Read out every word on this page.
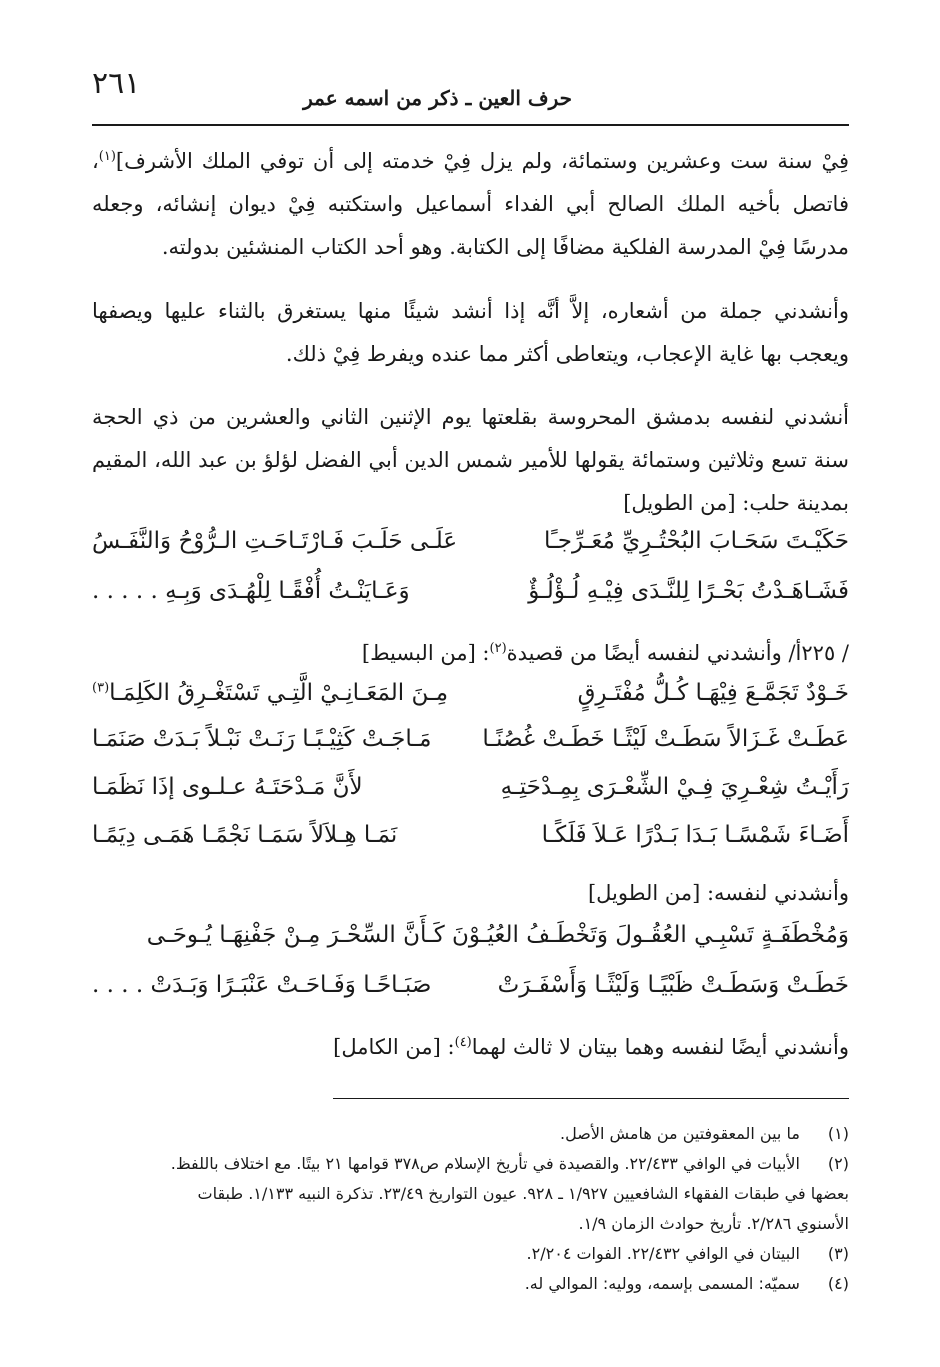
٢٦١	حرف العين ـ ذكر من اسمه عمر
فِيْ سنة ست وعشرين وستمائة، ولم يزل فِيْ خدمته إلى أن توفي الملك الأشرف]$^{(١)}$، فاتصل بأخيه الملك الصالح أبي الفداء أسماعيل واستكتبه فِيْ ديوان إنشائه، وجعله مدرسًا فِيْ المدرسة الفلكية مضافًا إلى الكتابة. وهو أحد الكتاب المنشئين بدولته.
وأنشدني جملة من أشعاره، إلاَّ أنَّه إذا أنشد شيئًا منها يستغرق بالثناء عليها ويصفها ويعجب بها غاية الإعجاب، ويتعاطى أكثر مما عنده ويفرط فِيْ ذلك.
أنشدني لنفسه بدمشق المحروسة بقلعتها يوم الإثنين الثاني والعشرين من ذي الحجة سنة تسع وثلاثين وستمائة يقولها للأمير شمس الدين أبي الفضل لؤلؤ بن عبد الله، المقيم بمدينة حلب: [من الطويل]
حَكَيْـتَ سَحَـابَ البُحْتُـرِيِّ مُعَـرِّجـًا
عَلَـى حَلَـبَ فَـارْتَـاحَـتِ الـرُّوْحُ وَالنَّفَـسُ
فَشَـاهَـدْتُ بَحْـرًا لِلنَّـدَى فِيْـهِ لُـؤْلُـؤٌ
وَعَـايَنْـتُ أُفْقًـا لِلْهُـدَى وَبِـهِ . . . . .
/ ٢٢٥أ/ وأنشدني لنفسه أيضًا من قصيدة$^{(٢)}$: [من البسيط]
خَـوْدٌ تَجَمَّـعَ فِيْهَـا كُـلُّ مُفْتَـرِقٍ
مِـنَ المَعَـانِـيْ الَّتِـي تَسْتَغْـرِقُ الكَلِمَـا$^{(٣)}$
عَطَـتْ غَـزَالاً سَطَـتْ لَيْثًـا خَطَـتْ غُصُنًـا
مَـاجَـتْ كَثِيْـبًـا رَنَـتْ نَبْـلاً بَـدَتْ صَنَمَـا
رَأَيْـتُ شِعْـرِيَ فِـيْ الشِّعْـرَى بِمِـدْحَتِـهِ
لأَنَّ مَـدْحَتَـهُ عـلـوى إذَا نَظَمَـا
أَضَـاءَ شَمْسًـا بَـدَا بَـدْرًا عَـلاَ فَلَكًـا
نَمَـا هِـلاَلاً سَمَـا نَجْمًـا هَمَـى دِيَمًـا
وأنشدني لنفسه: [من الطويل]
وَمُخْطَفَـةٍ تَسْبِـي العُقُـولَ وَتَخْطَـفُ العُيُـوْنَ كَـأَنَّ السِّحْـرَ مِـنْ جَفْنِهَـا يُـوحَـى
خَطَـتْ وَسَطَـتْ ظَبْيًـا وَلَيْثًـا وَأَسْفَـرَتْ
صَبَـاحًـا وَفَـاحَـتْ عَنْبَـرًا وَبَـدَتْ . . . .
وأنشدني أيضًا لنفسه وهما بيتان لا ثالث لهما$^{(٤)}$: [من الكامل]
(١) ما بين المعقوفتين من هامش الأصل.
(٢) الأبيات في الوافي ٢٢/٤٣٣. والقصيدة في تأريخ الإسلام ص٣٧٨ قوامها ٢١ بيتًا. مع اختلاف باللفظ.
بعضها في طبقات الفقهاء الشافعيين ١/٩٢٧ ـ ٩٢٨. عيون التواريخ ٢٣/٤٩. تذكرة النبيه ١/١٣٣. طبقات
الأسنوي ٢/٢٨٦. تأريخ حوادث الزمان ١/٩.
(٣) البيتان في الوافي ٢٢/٤٣٢. الفوات ٢/٢٠٤.
(٤) سميّه: المسمى بإسمه، ووليه: الموالي له.
